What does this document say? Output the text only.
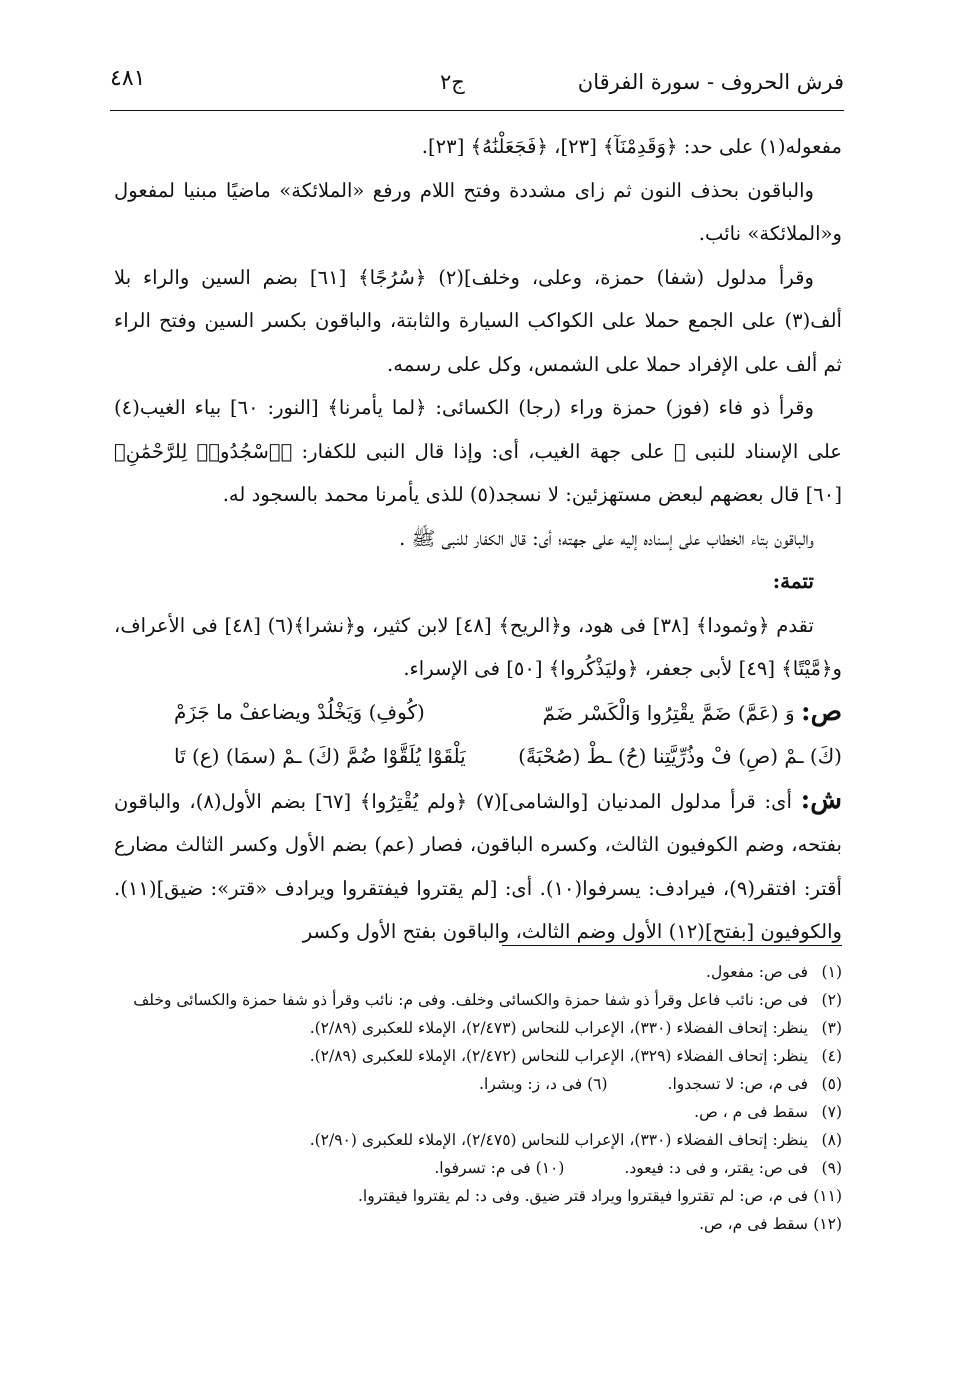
فرش الحروف - سورة الفرقان
ج٢
٤٨١

مفعوله(١) على حد: ﴿وَقَدِمْنَآ﴾ [٢٣]، ﴿فَجَعَلْنَٰهُ﴾ [٢٣].

والباقون بحذف النون ثم زاى مشددة وفتح اللام ورفع «الملائكة» ماضيًا مبنيا لمفعول و«الملائكة» نائب.

وقرأ مدلول (شفا) حمزة، وعلى، وخلف](٢) ﴿سُرُجًا﴾ [٦١] بضم السين والراء بلا ألف(٣) على الجمع حملا على الكواكب السيارة والثابتة، والباقون بكسر السين وفتح الراء ثم ألف على الإفراد حملا على الشمس، وكل على رسمه.

وقرأ ذو فاء (فوز) حمزة وراء (رجا) الكسائى: ﴿لما يأمرنا﴾ [النور: ٦٠] بياء الغيب(٤) على الإسناد للنبى ﷺ على جهة الغيب، أى: وإذا قال النبى للكفار: ﴿ٱسْجُدُوا۟ لِلرَّحْمَٰنِ﴾ [٦٠] قال بعضهم لبعض مستهزئين: لا نسجد(٥) للذى يأمرنا محمد بالسجود له.

والباقون بتاء الخطاب على إسناده إليه على جهته؛ أى: قال الكفار للنبى ﷺ .

تتمة:

تقدم ﴿وثمودا﴾ [٣٨] فى هود، و﴿الريح﴾ [٤٨] لابن كثير، و﴿نشرا﴾(٦) [٤٨] فى الأعراف، و﴿مَّيْتًا﴾ [٤٩] لأبى جعفر، ﴿وليَذْكُروا﴾ [٥٠] فى الإسراء.

ص: وَ (عَمَّ) ضَمَّ يقْتِرُوا وَالْكَسْر ضَمّ
(كُوفِ) وَيَخْلُدْ ويضاعفْ ما جَزَمْ
(كَ) ـمْ (صِ) فْ وذُرِّيَّتِنا (حُ) ـطْ (صُحْبَةً)
يَلْقَوْا يُلَقَّوْا ضُمَّ (كَ) ـمْ (سمَا) (ع) تَا

ش: أى: قرأ مدلول المدنيان [والشامى](٧) ﴿ولم يُقْتِرُوا﴾ [٦٧] بضم الأول(٨)، والباقون بفتحه، وضم الكوفيون الثالث، وكسره الباقون، فصار (عم) بضم الأول وكسر الثالث مضارع أقتر: افتقر(٩)، فيرادف: يسرفوا(١٠). أى: [لم يقتروا فيفتقروا ويرادف «قتر»: ضيق](١١). والكوفيون [بفتح](١٢) الأول وضم الثالث، والباقون بفتح الأول وكسر

(١)
فى ص: مفعول.
(٢)
فى ص: نائب فاعل وقرأ ذو شفا حمزة والكسائى وخلف. وفى م: نائب وقرأ ذو شفا حمزة والكسائى وخلف
(٣)
ينظر: إتحاف الفضلاء (٣٣٠)، الإعراب للنحاس (٢/٤٧٣)، الإملاء للعكبرى (٢/٨٩).
(٤)
ينظر: إتحاف الفضلاء (٣٢٩)، الإعراب للنحاس (٢/٤٧٢)، الإملاء للعكبرى (٢/٨٩).
(٥)
فى م، ص: لا تسجدوا.(٦) فى د، ز: وبشرا.
(٧)
سقط فى م ، ص.
(٨)
ينظر: إتحاف الفضلاء (٣٣٠)، الإعراب للنحاس (٢/٤٧٥)، الإملاء للعكبرى (٢/٩٠).
(٩)
فى ص: يقتر، و فى د: فيعود.(١٠) فى م: تسرفوا.
(١١)
فى م، ص: لم تقتروا فيقتروا ويراد قتر ضيق. وفى د: لم يقتروا فيقتروا.
(١٢)
سقط فى م، ص.
